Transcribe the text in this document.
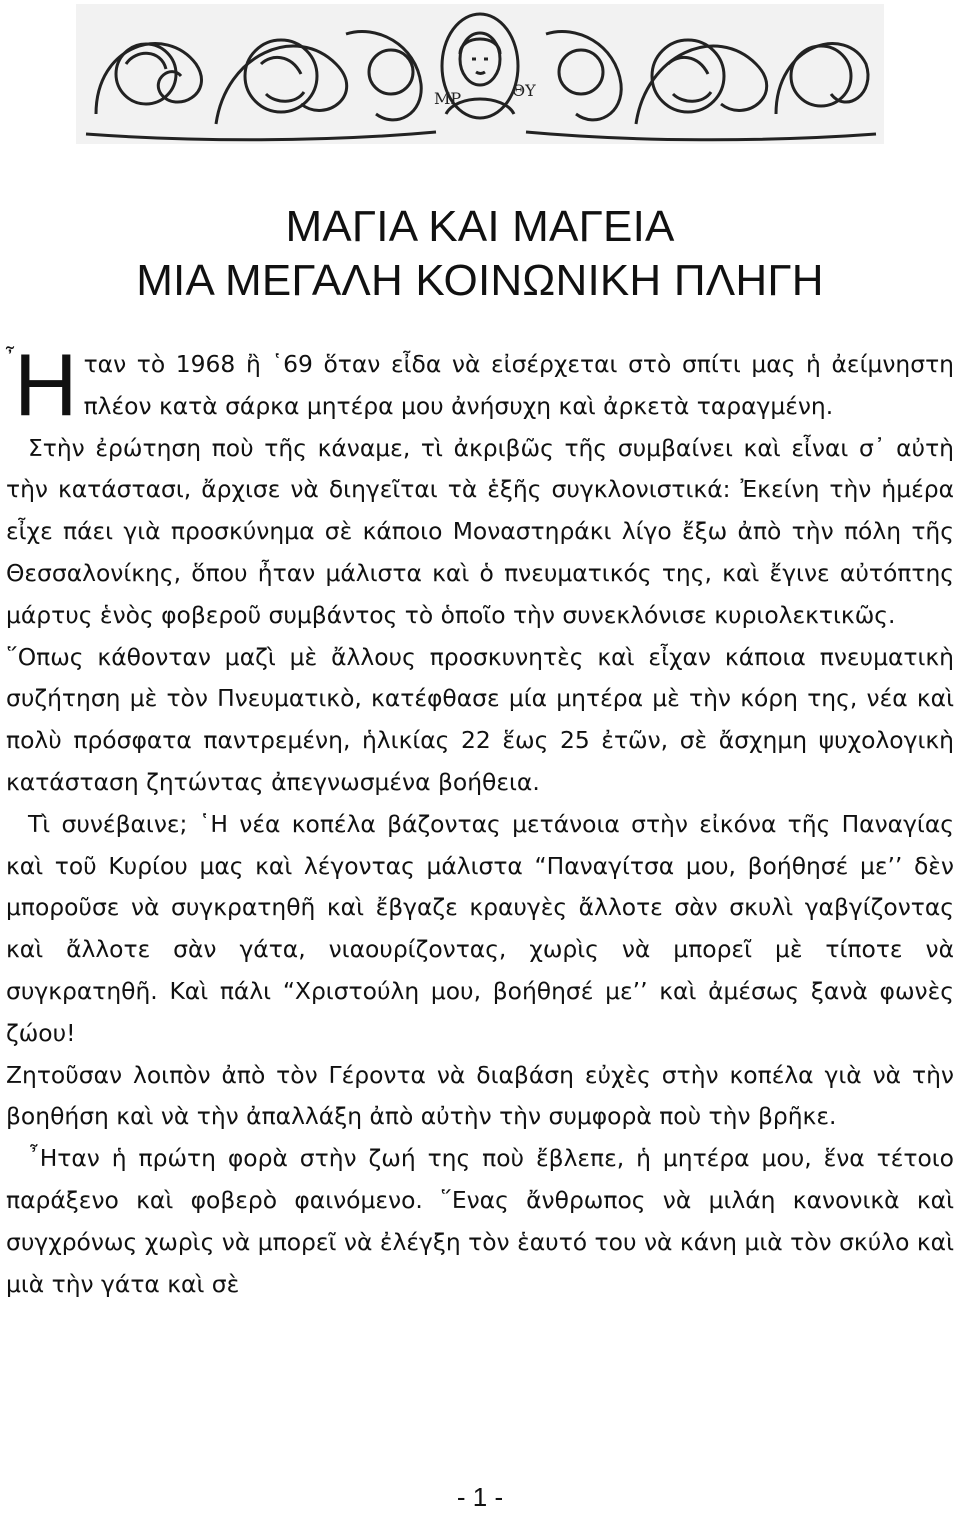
ΜΡ	ΘΥ
ΜΑΓΙΑ ΚΑΙ ΜΑΓΕΙΑ
ΜΙΑ ΜΕΓΑΛΗ ΚΟΙΝΩΝΙΚΗ ΠΛΗΓΗ

῏Η ταν τὸ 1968 ἢ ῾69 ὅταν εἶδα νὰ εἰσέρχεται στὸ σπίτι μας ἡ ἀείμνηστη πλέον κατὰ σάρκα μητέρα μου ἀνήσυχη καὶ ἀρκετὰ ταραγμένη.

Στὴν ἐρώτηση ποὺ τῆς κάναμε, τὶ ἀκριβῶς τῆς συμβαίνει καὶ εἶναι σ᾽ αὐτὴ τὴν κατάστασι, ἄρχισε νὰ διηγεῖται τὰ ἑξῆς συγκλονιστικά: Ἐκείνη τὴν ἡμέρα εἶχε πάει γιὰ προσκύνημα σὲ κάποιο Μοναστηράκι λίγο ἔξω ἀπὸ τὴν πόλη τῆς Θεσσαλονίκης, ὅπου ἦταν μάλιστα καὶ ὁ πνευματικός της, καὶ ἔγινε αὐτόπτης μάρτυς ἑνὸς φοβεροῦ συμβάντος τὸ ὁποῖο τὴν συνεκλόνισε κυριολεκτικῶς.

῞Οπως κάθονταν μαζὶ μὲ ἄλλους προσκυνητὲς καὶ εἶχαν κάποια πνευματικὴ συζήτηση μὲ τὸν Πνευματικὸ, κατέφθασε μία μητέρα μὲ τὴν κόρη της, νέα καὶ πολὺ πρόσφατα παντρεμένη, ἡλικίας 22 ἕως 25 ἐτῶν, σὲ ἄσχημη ψυχολογικὴ κατάσταση ζητώντας ἀπεγνωσμένα βοήθεια.

Τὶ συνέβαινε; ῾Η νέα κοπέλα βάζοντας μετάνοια στὴν εἰκόνα τῆς Παναγίας καὶ τοῦ Κυρίου μας καὶ λέγοντας μάλιστα “Παναγίτσα μου, βοήθησέ με’’ δὲν μποροῦσε νὰ συγκρατηθῆ καὶ ἔβγαζε κραυγὲς ἄλλοτε σὰν σκυλὶ γαβγίζοντας καὶ ἄλλοτε σὰν γάτα, νιαουρίζοντας, χωρὶς νὰ μπορεῖ μὲ τίποτε νὰ συγκρατηθῆ. Καὶ πάλι “Χριστούλη μου, βοήθησέ με’’ καὶ ἀμέσως ξανὰ φωνὲς ζώου!

Ζητοῦσαν λοιπὸν ἀπὸ τὸν Γέροντα νὰ διαβάση εὐχὲς στὴν κοπέλα γιὰ νὰ τὴν βοηθήση καὶ νὰ τὴν ἀπαλλάξη ἀπὸ αὐτὴν τὴν συμφορὰ ποὺ τὴν βρῆκε.

῏Ηταν ἡ πρώτη φορὰ στὴν ζωή της ποὺ ἔβλεπε, ἡ μητέρα μου, ἕνα τέτοιο παράξενο καὶ φοβερὸ φαινόμενο. ῞Ενας ἄνθρωπος νὰ μιλάη κανονικὰ καὶ συγχρόνως χωρὶς νὰ μπορεῖ νὰ ἐλέγξη τὸν ἑαυτό του νὰ κάνη μιὰ τὸν σκύλο καὶ μιὰ τὴν γάτα καὶ σὲ

- 1 -
